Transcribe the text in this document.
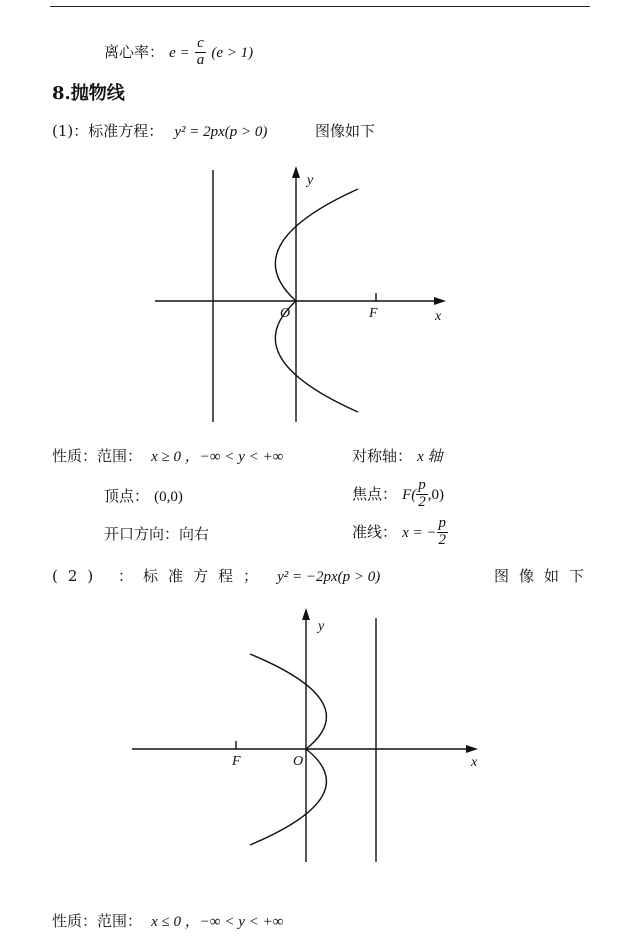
离心率： $e = \frac{c}{a} (e > 1)$
8.抛物线
(1)：标准方程： y² = 2px(p > 0)	图像如下
y
x
O	F
性质：范围： x ≥ 0 ，−∞ < y < +∞	对称轴： x 轴
顶点： (0,0)	焦点： $F( \frac{p}{2} ,0)$
开口方向：向右	准线： x = − $\frac{p}{2}$
(2) ：标准方程； y² = −2px(p > 0)	图像如下
y
x
O
F
性质：范围： x ≤ 0 ，−∞ < y < +∞
